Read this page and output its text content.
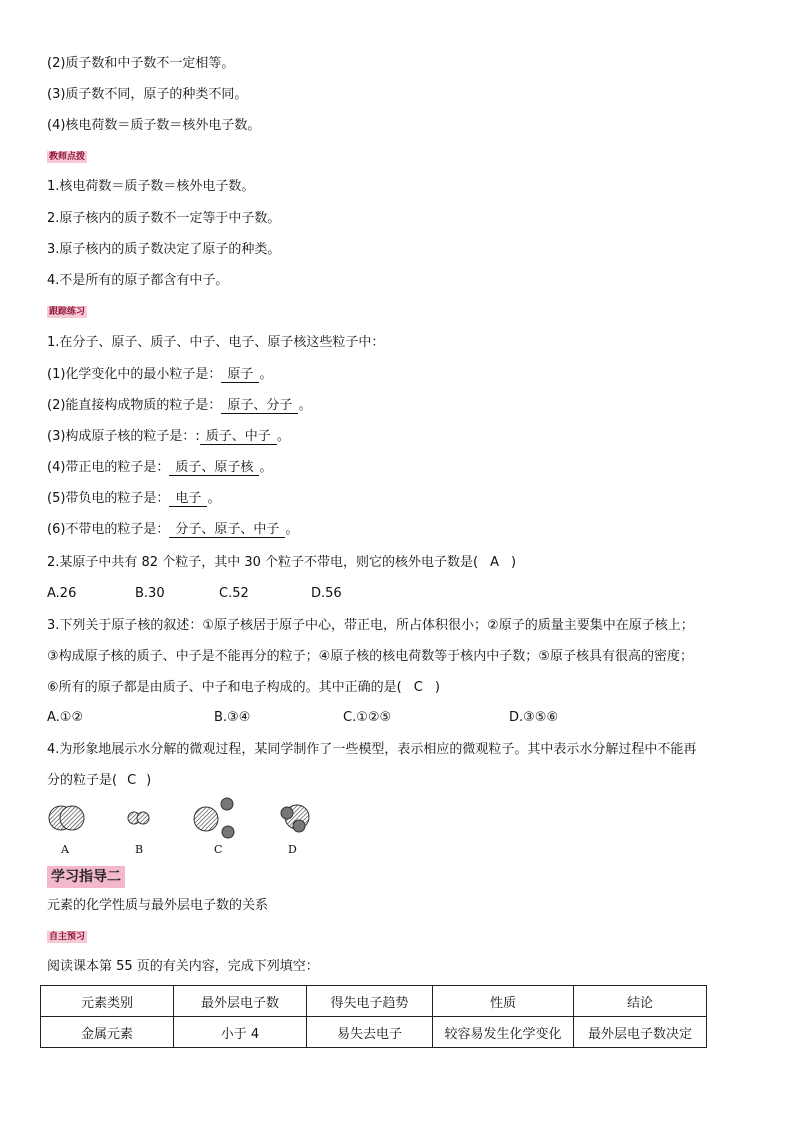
(2)质子数和中子数不一定相等。
(3)质子数不同，原子的种类不同。
(4)核电荷数＝质子数＝核外电子数。
教师点拨
1.核电荷数＝质子数＝核外电子数。
2.原子核内的质子数不一定等于中子数。
3.原子核内的质子数决定了原子的种类。
4.不是所有的原子都含有中子。
跟踪练习
1.在分子、原子、质子、中子、电子、原子核这些粒子中：
(1)化学变化中的最小粒子是： 原子 。
(2)能直接构成物质的粒子是： 原子、分子 。
(3)构成原子核的粒子是：: 质子、中子 。
(4)带正电的粒子是： 质子、原子核 。
(5)带负电的粒子是： 电子 。
(6)不带电的粒子是： 分子、原子、中子 。
2.某原子中共有 82 个粒子，其中 30 个粒子不带电，则它的核外电子数是( A )
A.26	B.30	C.52	D.56
3.下列关于原子核的叙述：①原子核居于原子中心，带正电，所占体积很小；②原子的质量主要集中在原子核上；
③构成原子核的质子、中子是不能再分的粒子；④原子核的核电荷数等于核内中子数；⑤原子核具有很高的密度；
⑥所有的原子都是由质子、中子和电子构成的。其中正确的是( C )
A.①②	B.③④	C.①②⑤	D.③⑤⑥
4.为形象地展示水分解的微观过程，某同学制作了一些模型，表示相应的微观粒子。其中表示水分解过程中不能再
分的粒子是( C )
A	B	C	D
学习指导二
元素的化学性质与最外层电子数的关系
自主预习
阅读课本第 55 页的有关内容，完成下列填空：
元素类别	最外层电子数	得失电子趋势	性质	结论
金属元素	小于 4	易失去电子	较容易发生化学变化	最外层电子数决定
